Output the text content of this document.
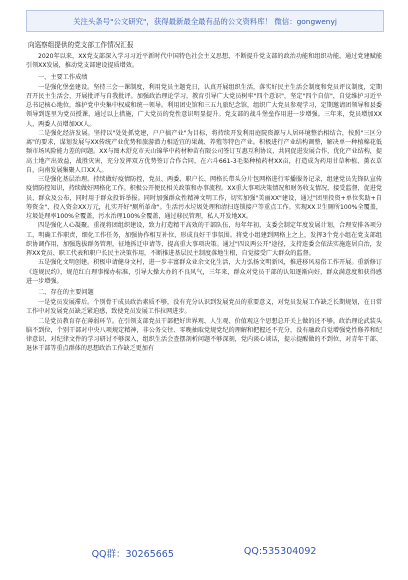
关注头条号"公文研究"，获得最新最全最有品的公文资料库！ 微信：gongwenyj
向巡察组提供的党支部工作情况汇报

2020年以来，XX党支部深入学习习近平新时代中国特色社会主义思想，不断提升党支部的政治功能和组织功能，通过党建赋能引领XX发展，推动党支部建设提质增效。

一、主要工作成绩

一是强化堡垒建设。坚持三会一课制度，利用党员主题党日，认真开展组织生活，落实好民主生活会制度和党员评议制度，定期召开民主生活会，开展批评与自我批评。加强政治理论学习，教育引导广大党员树牢"四个意识"，坚定"四个自信"，自觉维护习近平总书记核心地位，维护党中央集中权威和统一领导。利用团史馆和三五九旅纪念馆，组织广大党员参观学习，定期邀请团领导和县委领导到连里为党员授课，通过以上措施，广大党员的党性意识明显提升。党支部的战斗堡垒作用进一步增强。三年来，党员增加XX人，两委人员增加XX人。

二是强化经济发展。坚持以"处处抓党建，户户搞产业"为目标，将持续开发利用庭院资源与人居环境整治相结合，按照"三区分离"的要求，谋划发展与XX传统产业优势和旅游潜力相适宜的果蔬、养殖等特色产业。积极进行产业结构调整，解决单一种植棉花低频市场风险能力差的问题。XX与图木舒克市天山锦华中药材种苗有限公司签订互惠互利协议，共同促进发展合作，优化产业结构，提高土地产出效益，战胜灾害，充分发挥双方优势签订合作合同，在六斗661-3毛渠种植药材XX亩，打造成为药用甘草种植、薰衣草自，向南发展集聚人口XX人。

三是强化基层治理。持续做好疫情防控，党员、两委、职户长、网格长带头分片包网格进行零播服务记录，组建党员先锋队宣传疫情防控知识，持续做好网格化工作。积极公开便民相关政策和办事流程。XX重大事项决策情况和财务收支情况，接受监督，促进党员、群众及公布，同时用于群众投诉举报。同时加强群众性精神文明工作，切实加强"美丽XX"建设，通过"团里投资+单位奖助+自筹资金"，投入资金XX万元，扎实开好"厕所革命"。生活污水垃圾处理和清扫连锁接户等重点工作。实现XX卫生厕所100%全覆盖，垃圾处理率100%全覆盖，污水治理100%全覆盖，通过移民管理，私人开发地XX。

四是强化人心凝聚。重视将团组织建设，致力打造精干高效的干部队伍，每年年初，支委会制定年度发展计划，合理安排各项分工，明确工作职责，细化工作任务，加强协作相互补位，形成良好干事氛围。将党小组建到网格上之上，发挥3个党小组在党支部组织协调作用，加强选拔群务管理，征地拆迁申请等，提高重大事项决策。通过"四议两公开"途径，支持连委会依法实施连居自治，发挥XX党员、职工代表和职户长民主决策作用，不断推进基层民主制度落地生根，自觉接受广大群众的监督。

五是强化文明创建。积极申请健身文村，进一步丰富群众业余文化生活，大力弘扬文明新风，推进移风易俗工作开展。重新修订《连规民约》，规范红白理事操办标准，引导大操大办的不良风气，三年来，群众对党员干部的认知逐渐向好，群众满意度和获得感进一步增强。

二、存在的主要问题

一是党员发展滞后。个别骨干成员政治素质不够，没有充分认识到发展党员的重要意义，对党员发展工作缺乏长期规划，在日常工作中对发展党员缺乏紧迫感，致使党员发展工作拉网进步。

二是党员教育存在薄弱环节。在引领支部党员干部把好世界观、人生观、价值观这个思想总开关上做的还不够。政治理论武装头脑不到位，个别干部对中央八项规定精神，非公务交往、零晚抽取党规党纪的理解和把握还不充分，没有融政自觉增强党性修养和纪律意识，对纪律文件的学习研讨不够深入，组织生活会查摆剖析问题不够深刻，党内谈心谈话，提示提醒做的不到位，对青年干部、退休干部等重点群体的思想政治工作缺乏更加有

QQ群：30265665	QQ:535304092
